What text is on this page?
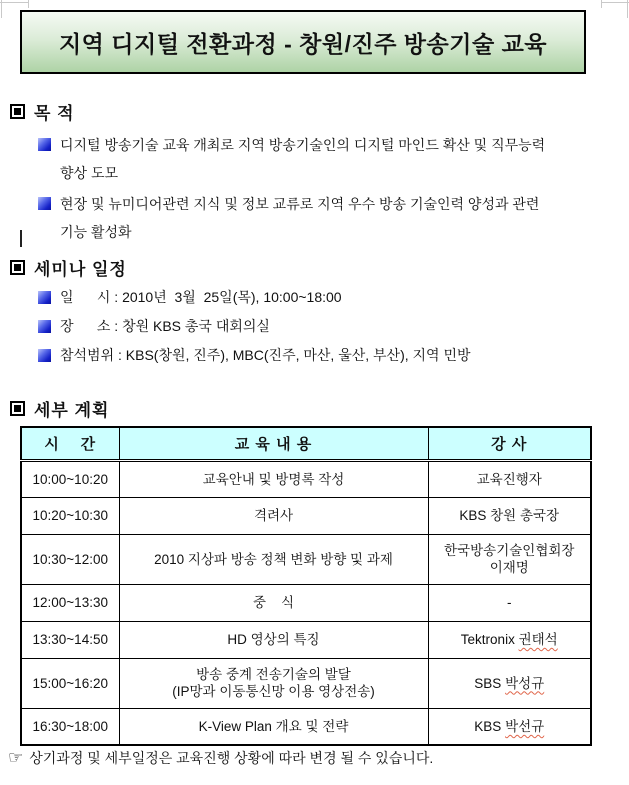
지역 디지털 전환과정 - 창원/진주 방송기술 교육
목 적
디지털 방송기술 교육 개최로 지역 방송기술인의 디지털 마인드 확산 및 직무능력
향상 도모
현장 및 뉴미디어관련 지식 및 정보 교류로 지역 우수 방송 기술인력 양성과 관련
기능 활성화
세미나 일정
일      시 : 2010년  3월  25일(목), 10:00~18:00
장      소 : 창원 KBS 총국 대회의실
참석범위 : KBS(창원, 진주), MBC(진주, 마산, 울산, 부산), 지역 민방
세부 계획
시    간	교 육 내 용	강 사
10:00~10:20	교육안내 및 방명록 작성	교육진행자
10:20~10:30	격려사	KBS 창원 총국장
10:30~12:00	2010 지상파 방송 정책 변화 방향 및 과제	한국방송기술인협회장
이재명
12:00~13:30	중    식	-
13:30~14:50	HD 영상의 특징	Tektronix 권태석
15:00~16:20	방송 중계 전송기술의 발달
(IP망과 이동통신망 이용 영상전송)	SBS 박성규
16:30~18:00	K-View Plan 개요 및 전략	KBS 박선규
☞ 상기과정 및 세부일정은 교육진행 상황에 따라 변경 될 수 있습니다.
